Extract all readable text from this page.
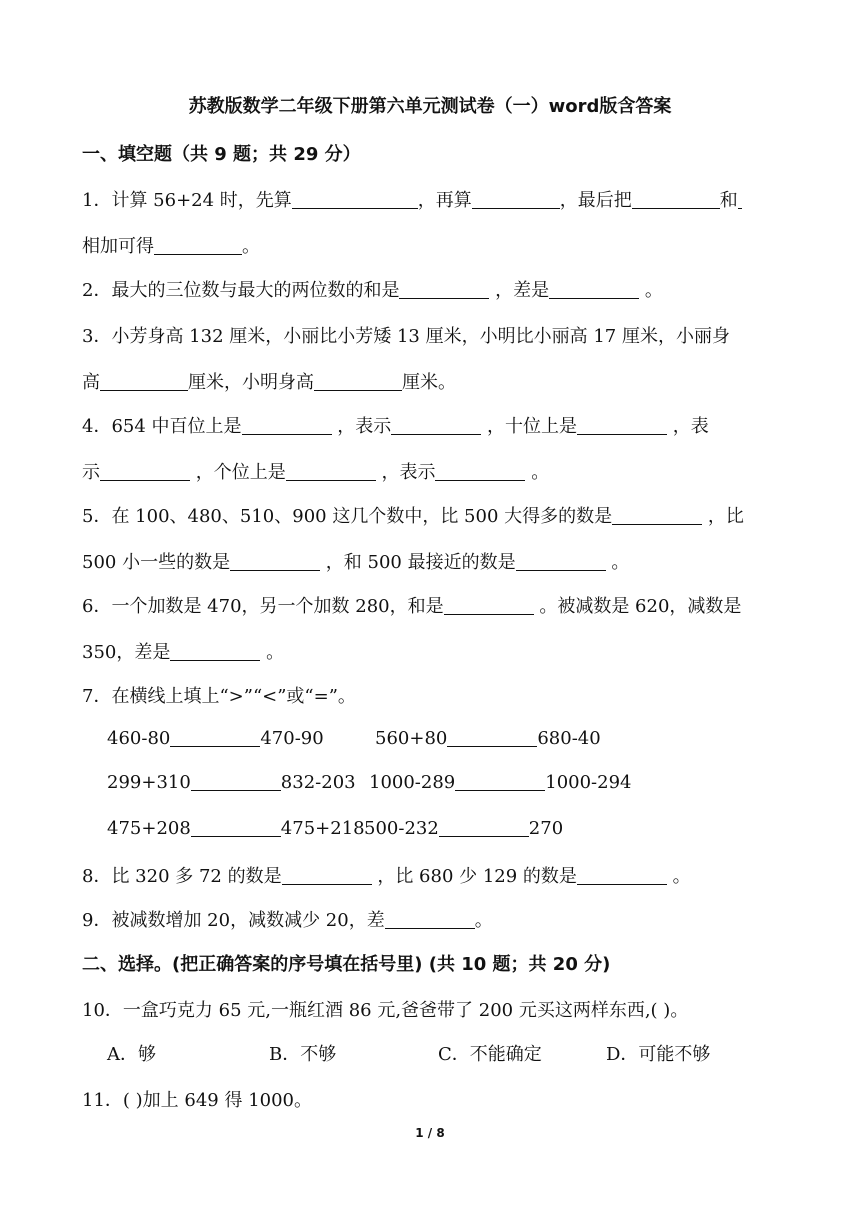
苏教版数学二年级下册第六单元测试卷（一）word版含答案
一、填空题（共 9 题；共 29 分）
1．计算 56+24 时，先算	，再算	，最后把	和
相加可得	。
2．最大的三位数与最大的两位数的和是	，差是	。
3．小芳身高 132 厘米，小丽比小芳矮 13 厘米，小明比小丽高 17 厘米，小丽身
高	厘米，小明身高	厘米。
4．654 中百位上是	，表示	，十位上是	，表
示	，个位上是	，表示	。
5．在 100、480、510、900 这几个数中，比 500 大得多的数是	，比
500 小一些的数是	，和 500 最接近的数是	。
6．一个加数是 470，另一个加数 280，和是	。被减数是 620，减数是
350，差是	。
7．在横线上填上“>”“<”或“=”。
460-80	470-90	560+80	680-40
299+310	832-203 1000-289	1000-294
475+208	475+218500-232	270
8．比 320 多 72 的数是	，比 680 少 129 的数是	。
9．被减数增加 20，减数减少 20，差	。
二、选择。(把正确答案的序号填在括号里) (共 10 题；共 20 分)
10．一盒巧克力 65 元,一瓶红酒 86 元,爸爸带了 200 元买这两样东西,( )。
A．够	B．不够	C．不能确定	D．可能不够
11．( )加上 649 得 1000。
1 / 8
